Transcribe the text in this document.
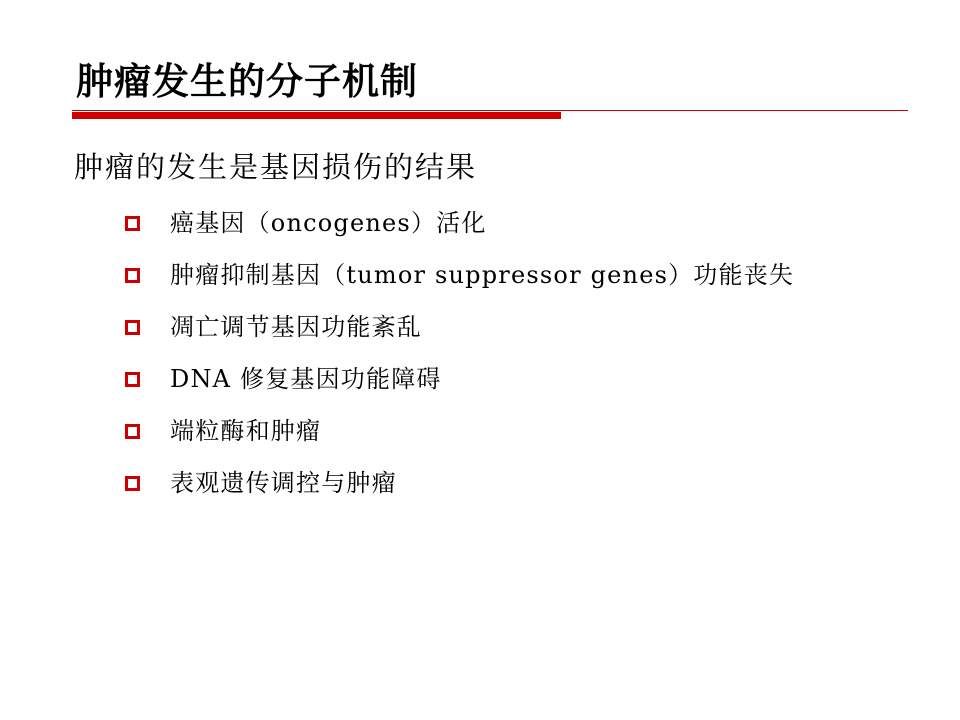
肿瘤发生的分子机制
肿瘤的发生是基因损伤的结果
癌基因（oncogenes）活化
肿瘤抑制基因（tumor suppressor genes）功能丧失
凋亡调节基因功能紊乱
DNA 修复基因功能障碍
端粒酶和肿瘤
表观遗传调控与肿瘤
